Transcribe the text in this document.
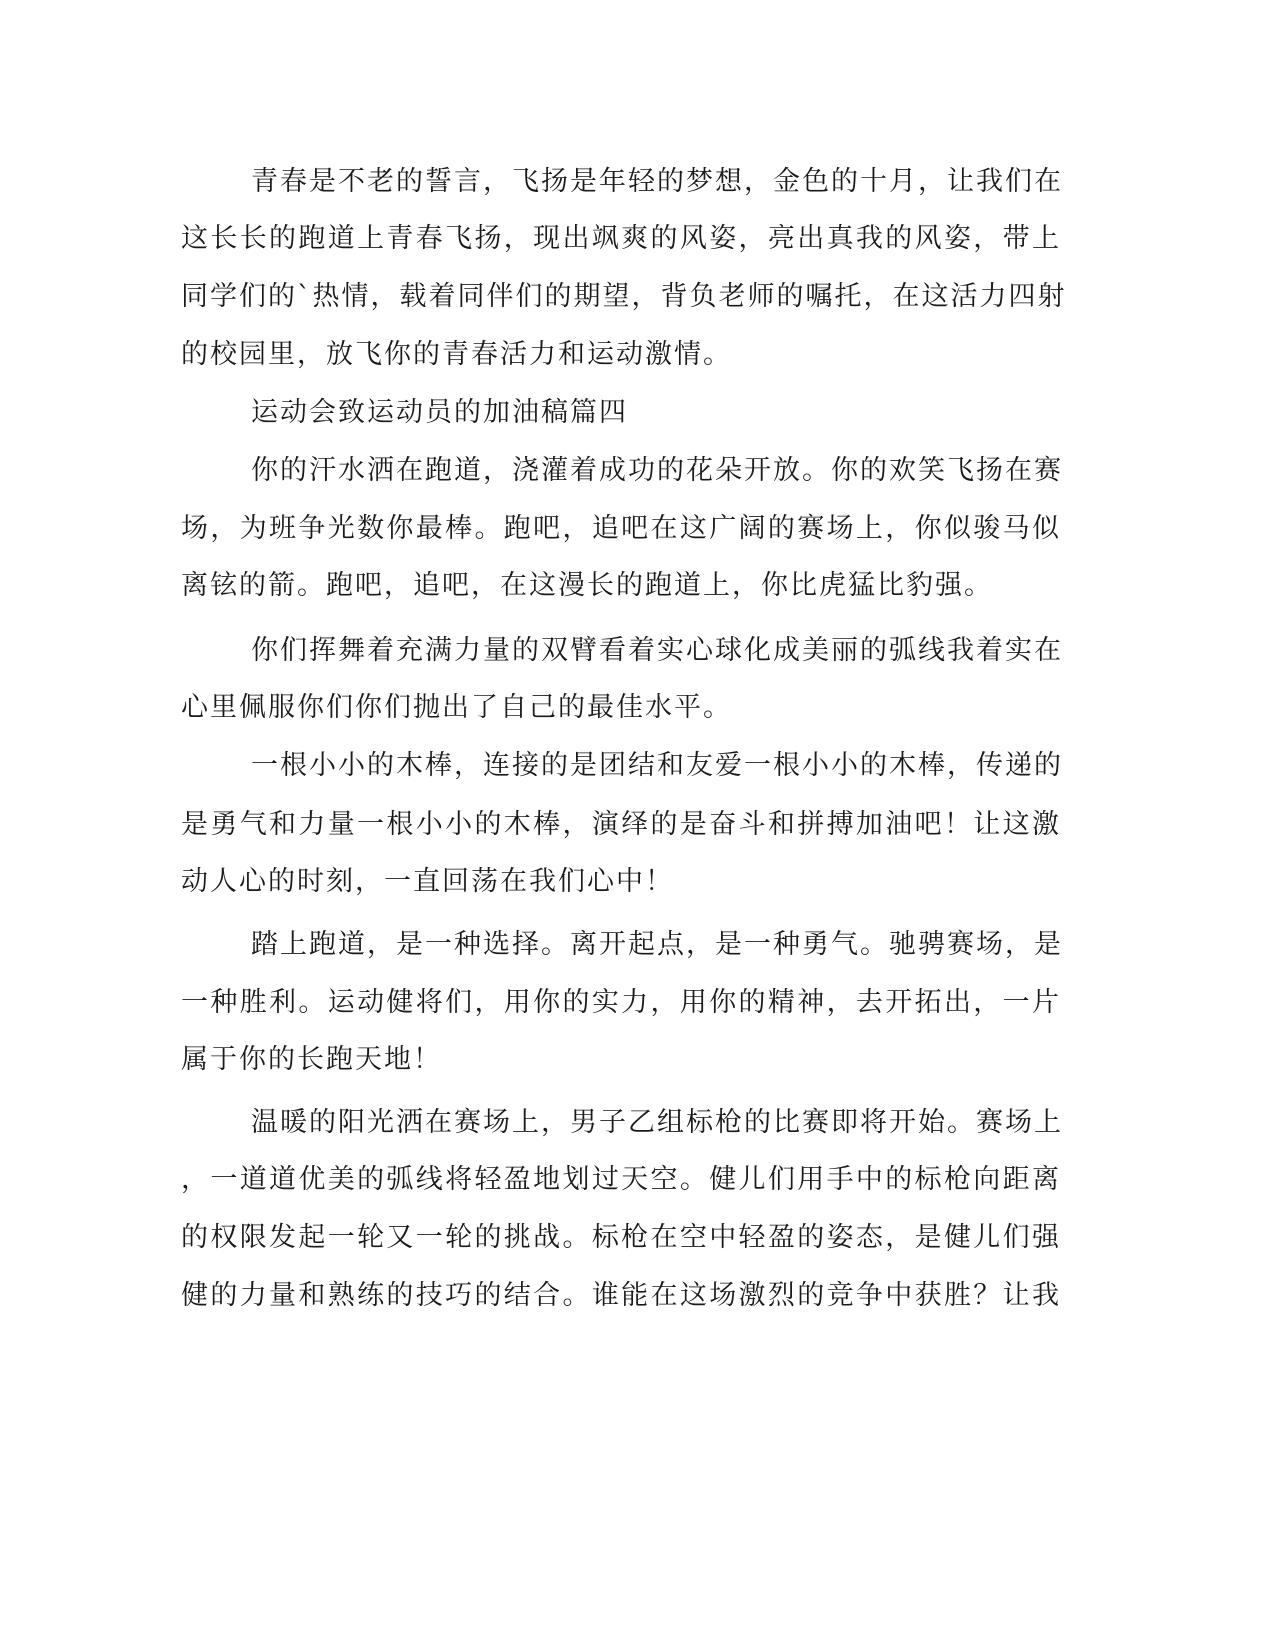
青春是不老的誓言，飞扬是年轻的梦想，金色的十月，让我们在
这长长的跑道上青春飞扬，现出飒爽的风姿，亮出真我的风姿，带上
同学们的`热情，载着同伴们的期望，背负老师的嘱托，在这活力四射
的校园里，放飞你的青春活力和运动激情。
运动会致运动员的加油稿篇四
你的汗水洒在跑道，浇灌着成功的花朵开放。你的欢笑飞扬在赛
场，为班争光数你最棒。跑吧，追吧在这广阔的赛场上，你似骏马似
离铉的箭。跑吧，追吧，在这漫长的跑道上，你比虎猛比豹强。
你们挥舞着充满力量的双臂看着实心球化成美丽的弧线我着实在
心里佩服你们你们抛出了自己的最佳水平。
一根小小的木棒，连接的是团结和友爱一根小小的木棒，传递的
是勇气和力量一根小小的木棒，演绎的是奋斗和拼搏加油吧！让这激
动人心的时刻，一直回荡在我们心中！
踏上跑道，是一种选择。离开起点，是一种勇气。驰骋赛场，是
一种胜利。运动健将们，用你的实力，用你的精神，去开拓出，一片
属于你的长跑天地！
温暖的阳光洒在赛场上，男子乙组标枪的比赛即将开始。赛场上
，一道道优美的弧线将轻盈地划过天空。健儿们用手中的标枪向距离
的权限发起一轮又一轮的挑战。标枪在空中轻盈的姿态，是健儿们强
健的力量和熟练的技巧的结合。谁能在这场激烈的竞争中获胜？让我
